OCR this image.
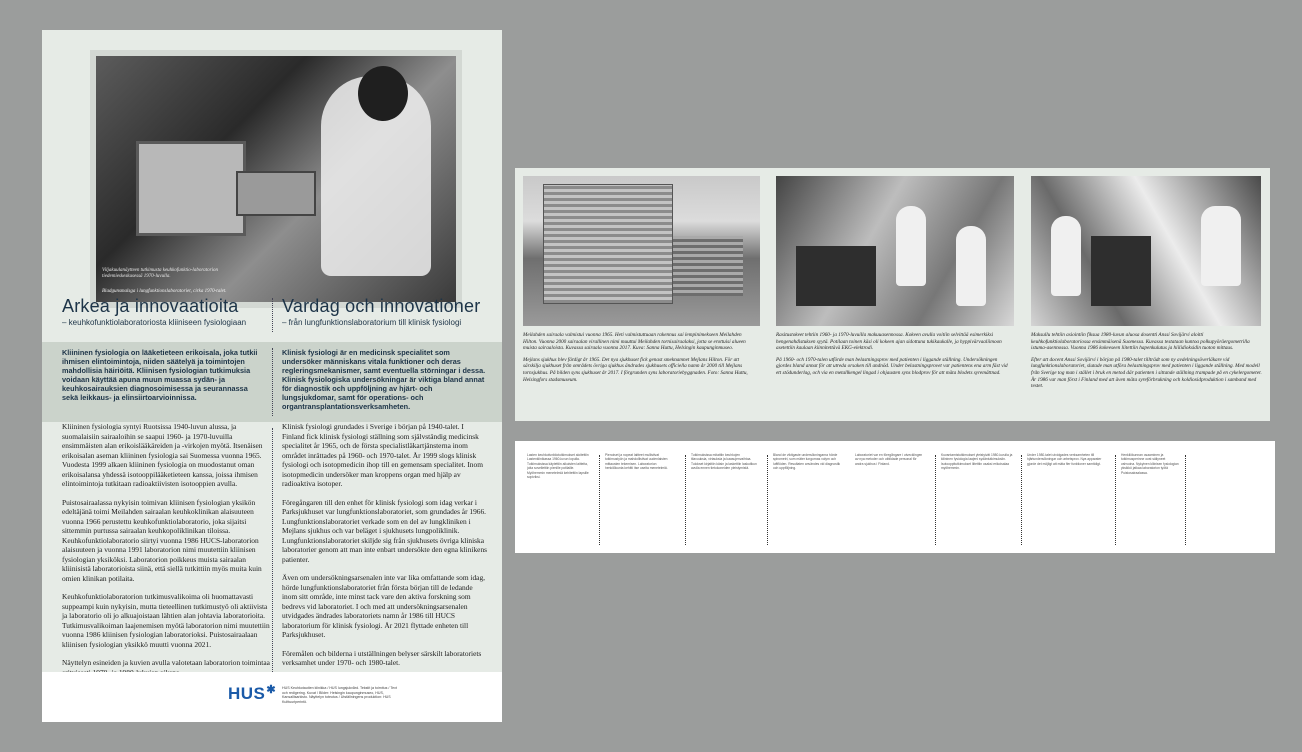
Viljakuulanäytteen tutkimusta keuhkofunktio-laboratorion tiedemieskeskusessä 1970-luvulla.
Bladgunsmalsga i lungfunktionslaboratoriet, cirka 1970-talet.
Arkea ja innovaatioita Vardag och innovationer
– keuhkofunktiolaboratoriosta kliiniseen fysiologiaan	– från lungfunktionslaboratorium till klinisk fysiologi
Kliininen fysiologia on lääketieteen erikoisala, joka tutkii ihmisen elintoimintoja, niiden säätelyä ja toimintojen mahdollisia häiriöitä. Kliinisen fysiologian tutkimuksia voidaan käyttää apuna muun muassa sydän- ja keuhkosairauksien diagnosoimisessa ja seurannassa sekä leikkaus- ja elinsiirtoarvioinnissa.
Klinisk fysiologi är en medicinsk specialitet som undersöker människans vitala funktioner och deras regleringsmekanismer, samt eventuella störningar i dessa. Klinisk fysiologiska undersökningar är viktiga bland annat för diagnostik och uppföljning av hjärt- och lungsjukdomar, samt för operations- och organtransplantationsverksamheten.

Kliininen fysiologia syntyi Ruotsissa 1940-luvun alussa, ja suomalaisiin sairaaloihin se saapui 1960- ja 1970-luvuilla ensimmäisten alan erikoislääkäreiden ja -virkojen myötä. Itsenäisen erikoisalan aseman kliininen fysiologia sai Suomessa vuonna 1965. Vuodesta 1999 alkaen kliininen fysiologia on muodostanut oman erikoisalansa yhdessä isotooppilääketieteen kanssa, joissa ihmisen elintoimintoja tutkitaan radioaktiivisten isotooppien avulla.

Puistosairaalassa nykyisin toimivan kliinisen fysiologian yksikön edeltäjänä toimi Meilahden sairaalan keuhkoklinikan alaisuuteen vuonna 1966 perustettu keuhkofunktiolaboratorio, joka sijaitsi sittemmin purtussa sairaalan keuhkopoliklinikan tiloissa. Keuhkofunktiolaboratorio siirtyi vuonna 1986 HUCS-laboratorion alaisuuteen ja vuonna 1991 laboratorion nimi muutettiin kliinisen fysiologian yksiköksi. Laboratorion poikkeus muista sairaalan kliinisistä laboratorioista siinä, että siellä tutkittiin myös muita kuin omien klinikan potilaita.

Keuhkofunktiolaboratorion tutkimusvalikoima oli huomattavasti suppeampi kuin nykyisin, mutta tieteellinen tutkimustyö oli aktiivista ja laboratorio oli jo alkuajoistaan lähtien alan johtavia laboratorioita. Tutkimusvalikoiman laajenemisen myötä laboratorion nimi muutettiin vuonna 1986 kliinisen fysiologian laboratorioksi. Puistosairaalaan kliinisen fysiologian yksikkö muutti vuonna 2021.

Näyttelyn esineiden ja kuvien avulla valotetaan laboratorion toimintaa

Klinisk fysiologi grundades i Sverige i början på 1940-talet. I Finland fick klinisk fysiologi ställning som självständig medicinsk specialitet år 1965, och de första specialistläkartjänsterna inom området inrättades på 1960- och 1970-talet. År 1999 slogs klinisk fysiologi och isotopmedicin ihop till en gemensam specialitet. Inom isotopmedicin undersöker man kroppens organ med hjälp av radioaktiva isotoper.

Föregångaren till den enhet för klinisk fysiologi som idag verkar i Parksjukhuset var lungfunktionslaboratoriet, som grundades år 1966. Lungfunktionslaboratoriet verkade som en del av lungkliniken i Mejlans sjukhus och var beläget i sjukhusets lungpoliklinik. Lungfunktionslaboratoriet skiljde sig från sjukhusets övriga kliniska laboratorier genom att man inte enbart undersökte den egna klinikens patienter.

Även om undersökningsarsenalen inte var lika omfattande som idag, hörde lungfunktionslaboratoriet från första början till de ledande inom sitt område, inte minst tack vare den aktiva forskning som bedrevs vid laboratoriet. I och med att undersökningsarsenalen utvidgades ändrades laboratoriets namn år 1986 till HUCS laboratorium för klinisk fysiologi. År 2021 flyttade enheten till Parksjukhuset.

Föremålen och bilderna i utställningen belyser särskilt laboratoriets verksamhet under 1970- och 1980-talet.

HUS✱ HUS Keuhkotautien klinikka / HUS lungsjukvård. Tekstit ja toimitus / Text och redigering. Kuvat / Bilder: Helsingin kaupunginmuseo, HUS, Kansallisarkisto. Näyttelyn toteutus / Utställningens produktion: HUS Kulttuuriperintö.

Meilahden sairaala valmistui vuonna 1965. Heti valmistuttuaan rakennus sai lempinimekseen Meilahden Hilton. Vuonna 2000 sairaalan virallinen nimi muuttui Meilahden tornisairaalaksi, jotta se erottuisi alueen muista sairaaloista. Kuvassa sairaala vuonna 2017. Kuva: Sanna Huttu, Helsingin kaupunginmuseo.

Mejlans sjukhus blev färdigt år 1965. Det nya sjukhuset fick genast smeknamnet Mejlans Hilton. För att särskilja sjukhuset från områdets övriga sjukhus ändrades sjukhusets officiella namn år 2000 till Mejlans tornsjukhus. På bilden syns sjukhuset år 2017. I förgrunden syns laboratoriebyggnaden. Foto: Sanna Huttu, Helsingfors stadsmuseum.

Rasitustokeet tehtiin 1960- ja 1970-luvuilla makuuasennossa. Kokeen avulla voitiin selvittää esimerkiksi hengenahdistuksen syytä. Potilaan toinen käsi oli kokeen ajan sidottuna tukikaukalle, ja hyppivärvaaliimoon asetettiin kaulaan kiinnitettävä EKG-elektrodi.

På 1960- och 1970-talen utförde man belastningsprov med patienten i liggande ställning. Undersökningen gjordes bland annat för att utreda orsaken till andnöd. Under belastningsprovet var patientens ena arm fäst vid ett stödunderlag, och via en metallkengel lingad i ohjausten syns blodprov för att mäta blodets syremättnad.

Maksullu tehtiin asiointiin fiksua 1980-luvun aluosa dosentti Anssi Sovijärvi aloitti keuhkofunktiolaboratoriossa ensimmäisenä Suomessa. Kuvassa testataan kuntoa polkupyöräergometrilla istuma-asennossa. Vuonna 1986 kokeeseen liitettiin hapenkulutus ja hiilidioksidin tuoton mittaus.

Efter att docent Anssi Sovijärvi i början på 1980-talet tillträdt som ny avdelningsöverläkare vid lungfunktionslaboratoriet, slutade man utföra belastningsprov med patienten i liggande ställning. Med modell från Sverige tog man i stället i bruk en metod där patienten i sittande ställning trampade på en cykelergometer. År 1986 var man först i Finland med att även mäta syreförbrukning och koldioxidproduktion i samband med testet.

Lasten keuhkofunktiotutkimukset aloitettiin Lastenklinikassa 1960-luvun lopulla. Tutkimuksissa käytettiin aikuisten laitteita, joita sovellettiin pienille potilaille. Myöhemmin menetelmiä kehitettiin lapsille sopiviksi.

Pienoiset ja nopeat laitteet mullistivat tutkimustyön ja mahdollistivat uudenlaisten mittausten tekemisen. Laboratorion henkilökunta kehitti itse useita menetelmiä.

Tutkimuksissa mitattiin keuhkojen tilavuuksia, virtauksia ja kaasujenvaihtoa. Tulokset kirjattiin käsin ja laskettiin laskutikun avulla ennen tietokoneiden yleistymistä.

Bland de viktigaste undersökningarna hörde spirometri, som mäter lungornas volym och luftflöden. Resultaten användes vid diagnostik och uppföljning.

Laboratoriet var en föregångare i utvecklingen av nya metoder och utbildade personal för andra sjukhus i Finland.

Kuvantamistutkimukset yleistyivät 1980-luvulla ja kliininen fysiologia laajeni sydäntutkimuksiin. Isotooppitutkimukset liitettiin osaksi erikoisalaa myöhemmin.

Under 1980-talet utvidgades verksamheten till hjärtundersökningar och arbetsprov. Nya apparater gjorde det möjligt att mäta fler funktioner samtidigt.

Henkilökunnan osaaminen ja tutkimusperinne ovat säilyneet vahvoina. Nykyinen kliinisen fysiologian yksikkö jatkaa laboratorion työtä Puistosairaalassa.
